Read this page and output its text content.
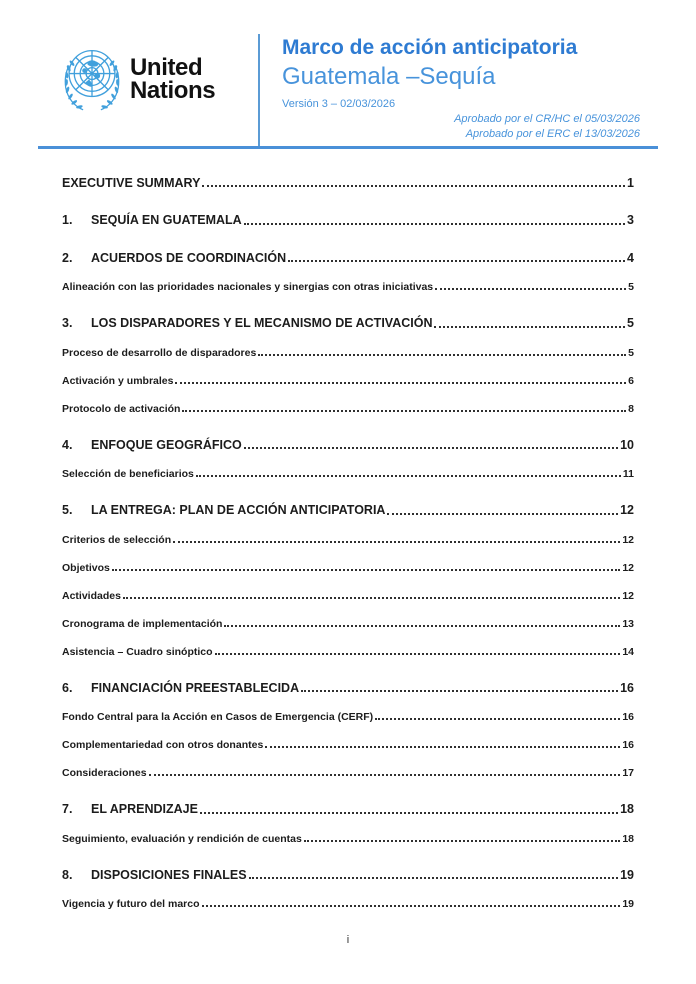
United
Nations
Marco de acción anticipatoria
Guatemala –Sequía
Versión 3 – 02/03/2026
Aprobado por el CR/HC el 05/03/2026
Aprobado por el ERC el 13/03/2026
EXECUTIVE SUMMARY	1
1. SEQUÍA EN GUATEMALA	3
2. ACUERDOS DE COORDINACIÓN	4
Alineación con las prioridades nacionales y sinergias con otras iniciativas	5
3. LOS DISPARADORES Y EL MECANISMO DE ACTIVACIÓN	5
Proceso de desarrollo de disparadores	5
Activación y umbrales	6
Protocolo de activación	8
4. ENFOQUE GEOGRÁFICO	10
Selección de beneficiarios	11
5. LA ENTREGA: PLAN DE ACCIÓN ANTICIPATORIA	12
Criterios de selección	12
Objetivos	12
Actividades	12
Cronograma de implementación	13
Asistencia – Cuadro sinóptico	14
6. FINANCIACIÓN PREESTABLECIDA	16
Fondo Central para la Acción en Casos de Emergencia (CERF)	16
Complementariedad con otros donantes	16
Consideraciones	17
7. EL APRENDIZAJE	18
Seguimiento, evaluación y rendición de cuentas	18
8. DISPOSICIONES FINALES	19
Vigencia y futuro del marco	19
i
